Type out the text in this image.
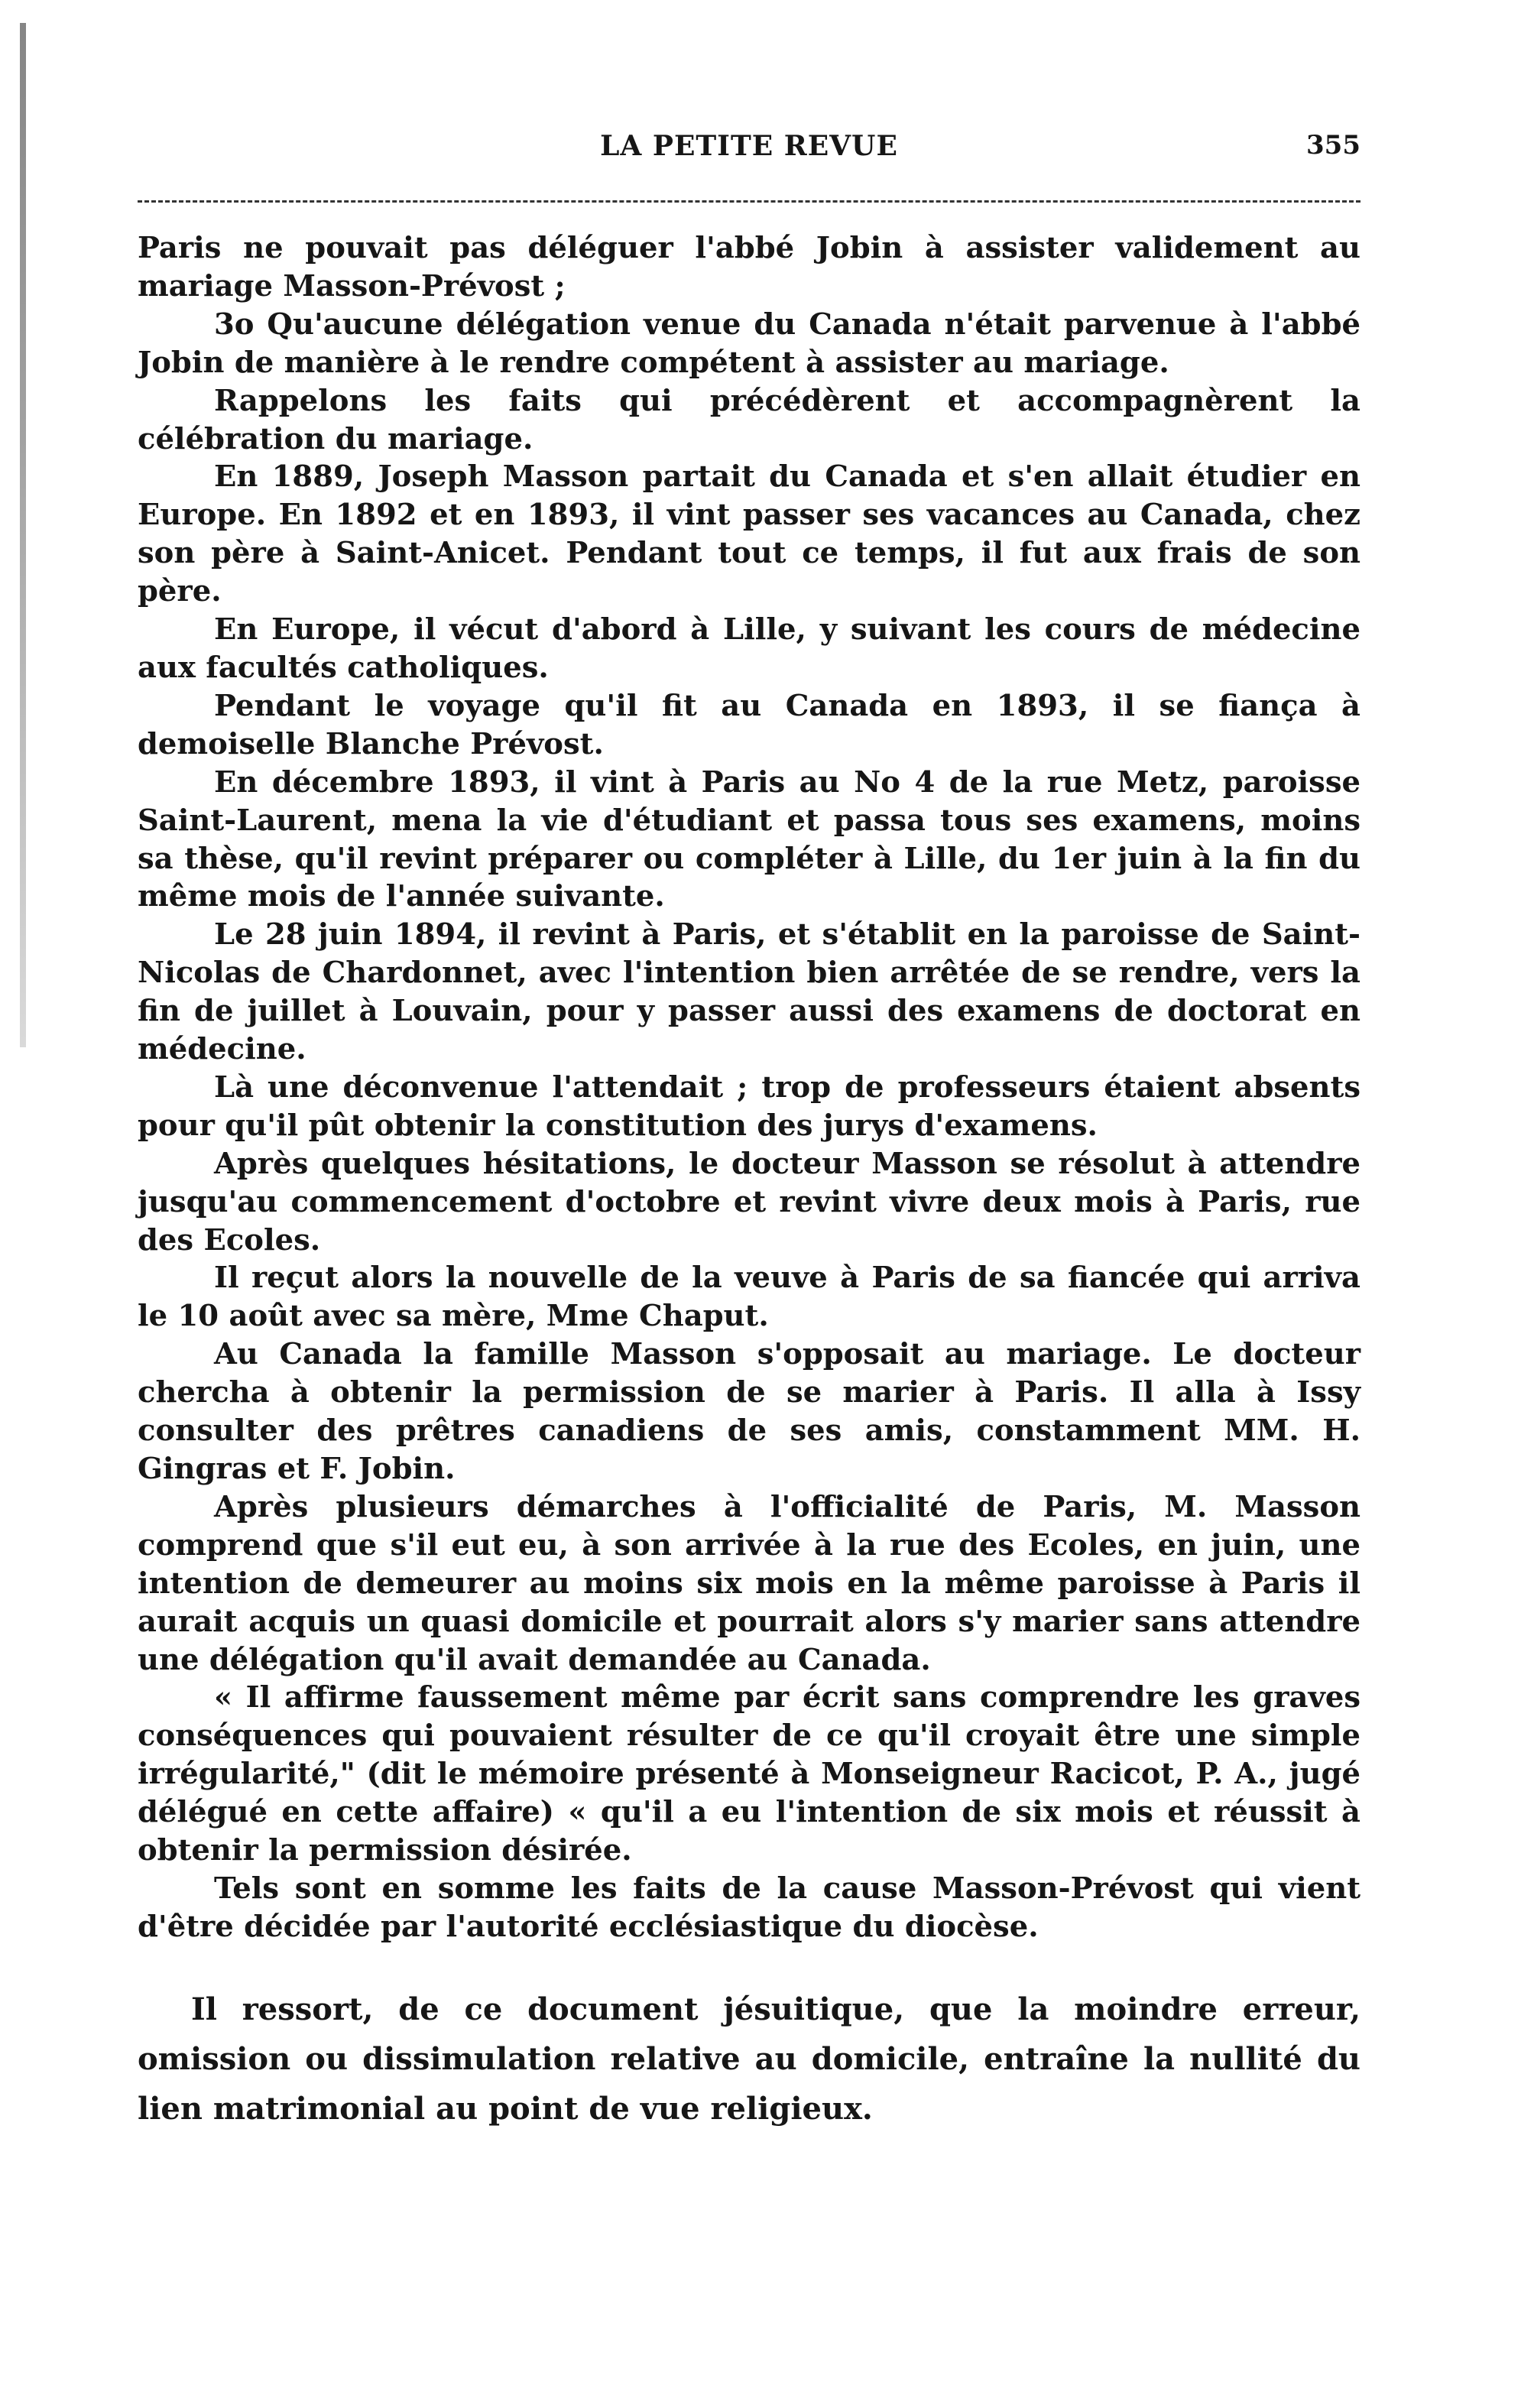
LA PETITE REVUE	355

Paris ne pouvait pas déléguer l'abbé Jobin à assister validement au mariage Masson-Prévost ;

3o Qu'aucune délégation venue du Canada n'était parvenue à l'abbé Jobin de manière à le rendre compétent à assister au mariage.

Rappelons les faits qui précédèrent et accompagnèrent la célébration du mariage.

En 1889, Joseph Masson partait du Canada et s'en allait étudier en Europe. En 1892 et en 1893, il vint passer ses vacances au Canada, chez son père à Saint-Anicet. Pendant tout ce temps, il fut aux frais de son père.

En Europe, il vécut d'abord à Lille, y suivant les cours de médecine aux facultés catholiques.

Pendant le voyage qu'il fit au Canada en 1893, il se fiança à demoiselle Blanche Prévost.

En décembre 1893, il vint à Paris au No 4 de la rue Metz, paroisse Saint-Laurent, mena la vie d'étudiant et passa tous ses examens, moins sa thèse, qu'il revint préparer ou compléter à Lille, du 1er juin à la fin du même mois de l'année suivante.

Le 28 juin 1894, il revint à Paris, et s'établit en la paroisse de Saint-Nicolas de Chardonnet, avec l'intention bien arrêtée de se rendre, vers la fin de juillet à Louvain, pour y passer aussi des examens de doctorat en médecine.

Là une déconvenue l'attendait ; trop de professeurs étaient absents pour qu'il pût obtenir la constitution des jurys d'examens.

Après quelques hésitations, le docteur Masson se résolut à attendre jusqu'au commencement d'octobre et revint vivre deux mois à Paris, rue des Ecoles.

Il reçut alors la nouvelle de la veuve à Paris de sa fiancée qui arriva le 10 août avec sa mère, Mme Chaput.

Au Canada la famille Masson s'opposait au mariage. Le docteur chercha à obtenir la permission de se marier à Paris. Il alla à Issy consulter des prêtres canadiens de ses amis, constamment MM. H. Gingras et F. Jobin.

Après plusieurs démarches à l'officialité de Paris, M. Masson comprend que s'il eut eu, à son arrivée à la rue des Ecoles, en juin, une intention de demeurer au moins six mois en la même paroisse à Paris il aurait acquis un quasi domicile et pourrait alors s'y marier sans attendre une délégation qu'il avait demandée au Canada.

« Il affirme faussement même par écrit sans comprendre les graves conséquences qui pouvaient résulter de ce qu'il croyait être une simple irrégularité," (dit le mémoire présenté à Monseigneur Racicot, P. A., jugé délégué en cette affaire) « qu'il a eu l'intention de six mois et réussit à obtenir la permission désirée.

Tels sont en somme les faits de la cause Masson-Prévost qui vient d'être décidée par l'autorité ecclésiastique du diocèse.

Il ressort, de ce document jésuitique, que la moindre erreur, omission ou dissimulation relative au domicile, entraîne la nullité du lien matrimonial au point de vue religieux.
